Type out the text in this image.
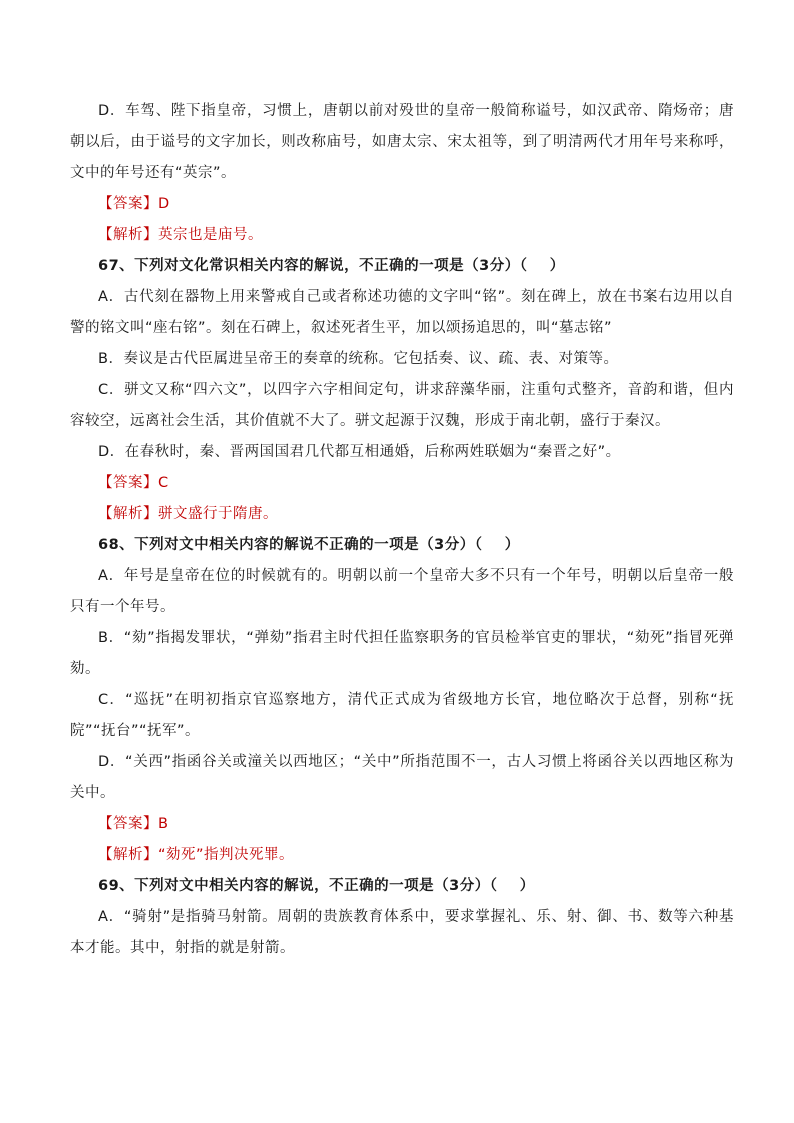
D．车驾、陛下指皇帝，习惯上，唐朝以前对殁世的皇帝一般简称谥号，如汉武帝、隋炀帝；唐朝以后，由于谥号的文字加长，则改称庙号，如唐太宗、宋太祖等，到了明清两代才用年号来称呼，文中的年号还有“英宗”。

【答案】D

【解析】英宗也是庙号。

67、下列对文化常识相关内容的解说，不正确的一项是（3分）（    ）

A．古代刻在器物上用来警戒自己或者称述功德的文字叫“铭”。刻在碑上，放在书案右边用以自警的铭文叫“座右铭”。刻在石碑上，叙述死者生平，加以颂扬追思的，叫“墓志铭”

B．奏议是古代臣属进呈帝王的奏章的统称。它包括奏、议、疏、表、对策等。

C．骈文又称“四六文”，以四字六字相间定句，讲求辞藻华丽，注重句式整齐，音韵和谐，但内容较空，远离社会生活，其价值就不大了。骈文起源于汉魏，形成于南北朝，盛行于秦汉。

D．在春秋时，秦、晋两国国君几代都互相通婚，后称两姓联姻为“秦晋之好”。

【答案】C

【解析】骈文盛行于隋唐。

68、下列对文中相关内容的解说不正确的一项是（3分）（    ）

A．年号是皇帝在位的时候就有的。明朝以前一个皇帝大多不只有一个年号，明朝以后皇帝一般只有一个年号。

B．“劾”指揭发罪状，“弹劾”指君主时代担任监察职务的官员检举官吏的罪状，“劾死”指冒死弹劾。

C．“巡抚”在明初指京官巡察地方，清代正式成为省级地方长官，地位略次于总督，别称“抚院”“抚台”“抚军”。

D．“关西”指函谷关或潼关以西地区；“关中”所指范围不一，古人习惯上将函谷关以西地区称为关中。

【答案】B

【解析】“劾死”指判决死罪。

69、下列对文中相关内容的解说，不正确的一项是（3分）（    ）

A．“骑射”是指骑马射箭。周朝的贵族教育体系中，要求掌握礼、乐、射、御、书、数等六种基本才能。其中，射指的就是射箭。
